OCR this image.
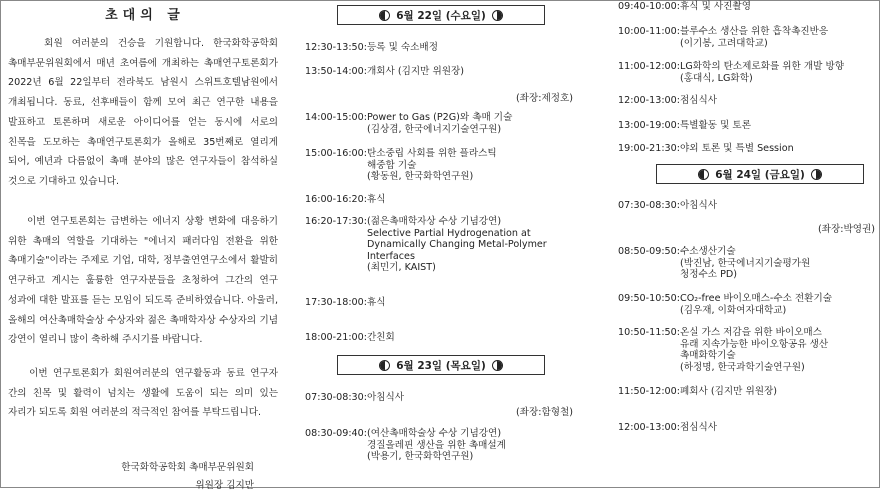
초대의 글
회원 여러분의 건승을 기원합니다. 한국화학공학회 촉매부문위원회에서 매년 초여름에 개최하는 촉매연구토론회가 2022년 6월 22일부터 전라북도 남원시 스위트호텔남원에서 개최됩니다. 동료, 선후배들이 함께 모여 최근 연구한 내용을 발표하고 토론하며 새로운 아이디어를 얻는 동시에 서로의 친목을 도모하는 촉매연구토론회가 올해로 35번째로 열리게 되어, 예년과 다름없이 촉매 분야의 많은 연구자들이 참석하실 것으로 기대하고 있습니다.
이번 연구토론회는 급변하는 에너지 상황 변화에 대응하기 위한 촉매의 역할을 기대하는 "에너지 패러다임 전환을 위한 촉매기술"이라는 주제로 기업, 대학, 정부출연연구소에서 활발히 연구하고 계시는 훌륭한 연구자분들을 초청하여 그간의 연구 성과에 대한 발표를 듣는 모임이 되도록 준비하였습니다. 아울러, 올해의 여산촉매학술상 수상자와 젊은 촉매학자상 수상자의 기념 강연이 열리니 많이 축하해 주시기를 바랍니다.
이번 연구토론회가 회원여러분의 연구활동과 동료 연구자 간의 친목 및 활력이 넘치는 생활에 도움이 되는 의미 있는 자리가 되도록 회원 여러분의 적극적인 참여를 부탁드립니다.
한국화학공학회 촉매부문위원회
위원장 김지만
6월 22일 (수요일)
12:30-13:50: 등록 및 숙소배정
13:50-14:00: 개회사 (김지만 위원장)
(좌장:제정호)
14:00-15:00: Power to Gas (P2G)와 촉매 기술
(김상겸, 한국에너지기술연구원)
15:00-16:00: 탄소중립 사회를 위한 플라스틱
해중합 기술
(황동원, 한국화학연구원)
16:00-16:20: 휴식
16:20-17:30: (젊은촉매학자상 수상 기념강연)
Selective Partial Hydrogenation at
Dynamically Changing Metal-Polymer
Interfaces
(최민기, KAIST)
17:30-18:00: 휴식
18:00-21:00: 간친회
6월 23일 (목요일)
07:30-08:30: 아침식사
(좌장:함형철)
08:30-09:40: (여산촉매학술상 수상 기념강연)
경질올레핀 생산을 위한 촉매설계
(박용기, 한국화학연구원)
09:40-10:00: 휴식 및 사진촬영
10:00-11:00: 블루수소 생산을 위한 흡착촉진반응
(이기봉, 고려대학교)
11:00-12:00: LG화학의 탄소제로화를 위한 개발 방향
(홍대식, LG화학)
12:00-13:00: 점심식사
13:00-19:00: 특별활동 및 토론
19:00-21:30: 야외 토론 및 특별 Session
6월 24일 (금요일)
07:30-08:30: 아침식사
(좌장:박영권)
08:50-09:50: 수소생산기술
(박진남, 한국에너지기술평가원
청정수소 PD)
09:50-10:50: CO₂-free 바이오매스-수소 전환기술
(김우재, 이화여자대학교)
10:50-11:50: 온실 가스 저감을 위한 바이오매스
유래 지속가능한 바이오항공유 생산
촉매화학기술
(하정명, 한국과학기술연구원)
11:50-12:00: 폐회사 (김지만 위원장)
12:00-13:00: 점심식사
